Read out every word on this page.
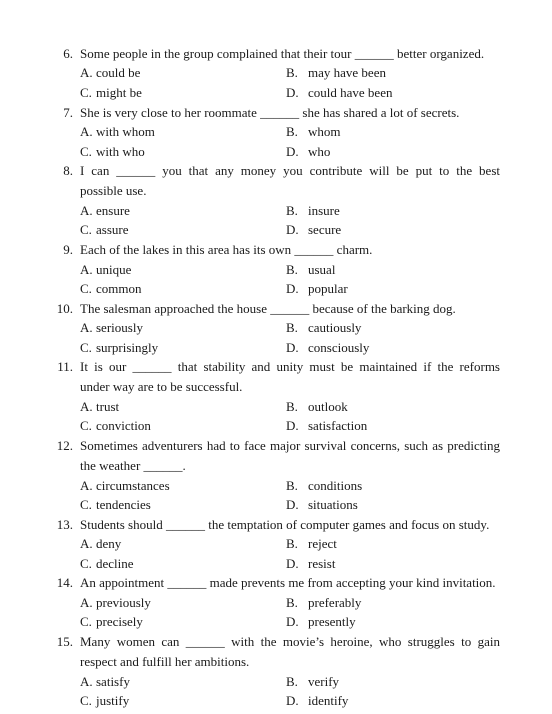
6. Some people in the group complained that their tour ______ better organized.
A. could be	B. may have been
C. might be	D. could have been
7. She is very close to her roommate ______ she has shared a lot of secrets.
A. with whom	B. whom
C. with who	D. who
8. I can ______ you that any money you contribute will be put to the best
possible use.
A. ensure	B. insure
C. assure	D. secure
9. Each of the lakes in this area has its own ______ charm.
A. unique	B. usual
C. common	D. popular
10. The salesman approached the house ______ because of the barking dog.
A. seriously	B. cautiously
C. surprisingly	D. consciously
11. It is our ______ that stability and unity must be maintained if the reforms
under way are to be successful.
A. trust	B. outlook
C. conviction	D. satisfaction
12. Sometimes adventurers had to face major survival concerns, such as predicting
the weather ______.
A. circumstances	B. conditions
C. tendencies	D. situations
13. Students should ______ the temptation of computer games and focus on study.
A. deny	B. reject
C. decline	D. resist
14. An appointment ______ made prevents me from accepting your kind invitation.
A. previously	B. preferably
C. precisely	D. presently
15. Many women can ______ with the movie’s heroine, who struggles to gain
respect and fulfill her ambitions.
A. satisfy	B. verify
C. justify	D. identify
